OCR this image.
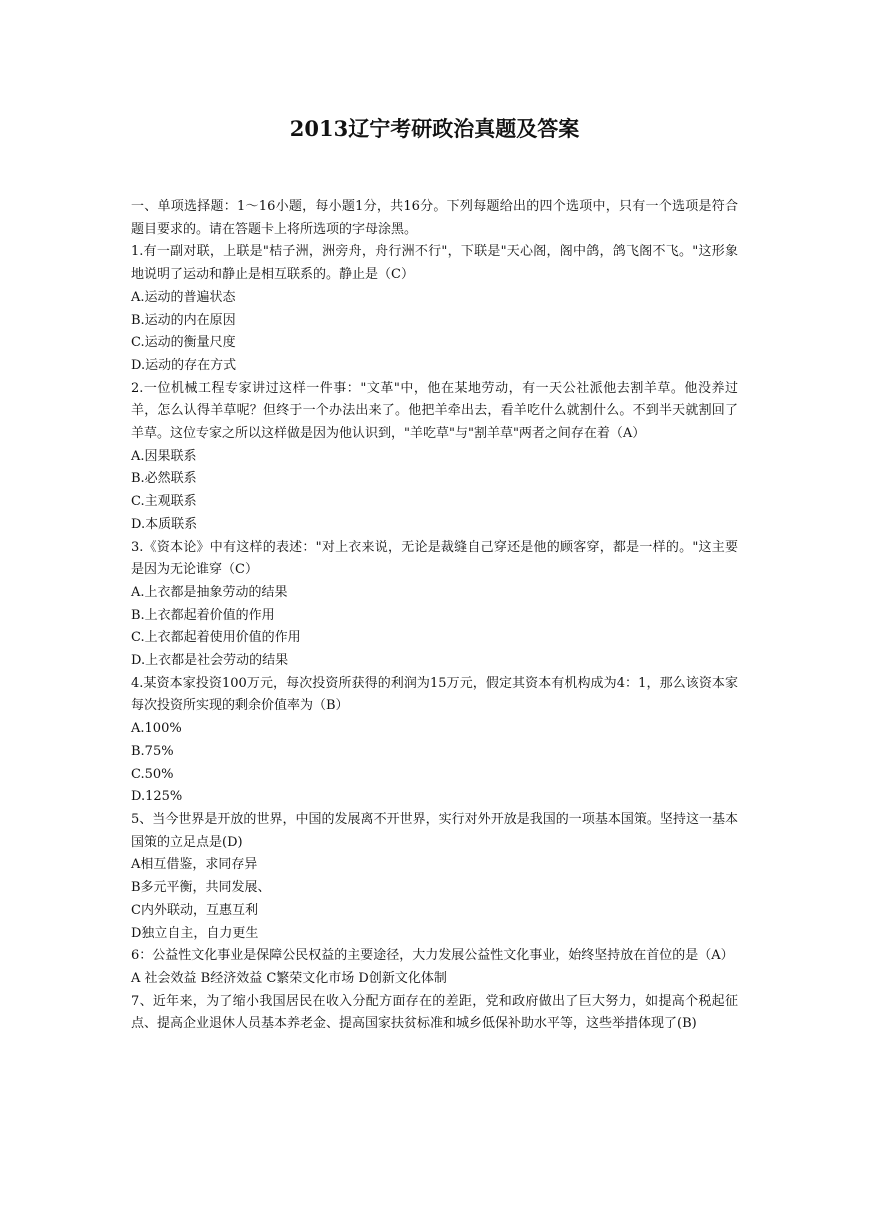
2013辽宁考研政治真题及答案

一、单项选择题：1～16小题，每小题1分，共16分。下列每题给出的四个选项中，只有一个选项是符合题目要求的。请在答题卡上将所选项的字母涂黑。

1.有一副对联，上联是"桔子洲，洲旁舟，舟行洲不行"，下联是"天心阁，阁中鸽，鸽飞阁不飞。"这形象地说明了运动和静止是相互联系的。静止是（C）

A.运动的普遍状态

B.运动的内在原因

C.运动的衡量尺度

D.运动的存在方式

2.一位机械工程专家讲过这样一件事："文革"中，他在某地劳动，有一天公社派他去割羊草。他没养过羊，怎么认得羊草呢？但终于一个办法出来了。他把羊牵出去，看羊吃什么就割什么。不到半天就割回了羊草。这位专家之所以这样做是因为他认识到，"羊吃草"与"割羊草"两者之间存在着（A）

A.因果联系

B.必然联系

C.主观联系

D.本质联系

3.《资本论》中有这样的表述："对上衣来说，无论是裁缝自己穿还是他的顾客穿，都是一样的。"这主要是因为无论谁穿（C）

A.上衣都是抽象劳动的结果

B.上衣都起着价值的作用

C.上衣都起着使用价值的作用

D.上衣都是社会劳动的结果

4.某资本家投资100万元，每次投资所获得的利润为15万元，假定其资本有机构成为4：1，那么该资本家每次投资所实现的剩余价值率为（B）

A.100%

B.75%

C.50%

D.125%

5、当今世界是开放的世界，中国的发展离不开世界，实行对外开放是我国的一项基本国策。坚持这一基本国策的立足点是(D)

A相互借鉴，求同存异

B多元平衡，共同发展、

C内外联动，互惠互利

D独立自主，自力更生

6：公益性文化事业是保障公民权益的主要途径，大力发展公益性文化事业，始终坚持放在首位的是（A）

A 社会效益 B经济效益 C繁荣文化市场 D创新文化体制

7、近年来，为了缩小我国居民在收入分配方面存在的差距，党和政府做出了巨大努力，如提高个税起征点、提高企业退休人员基本养老金、提高国家扶贫标准和城乡低保补助水平等，这些举措体现了(B)
